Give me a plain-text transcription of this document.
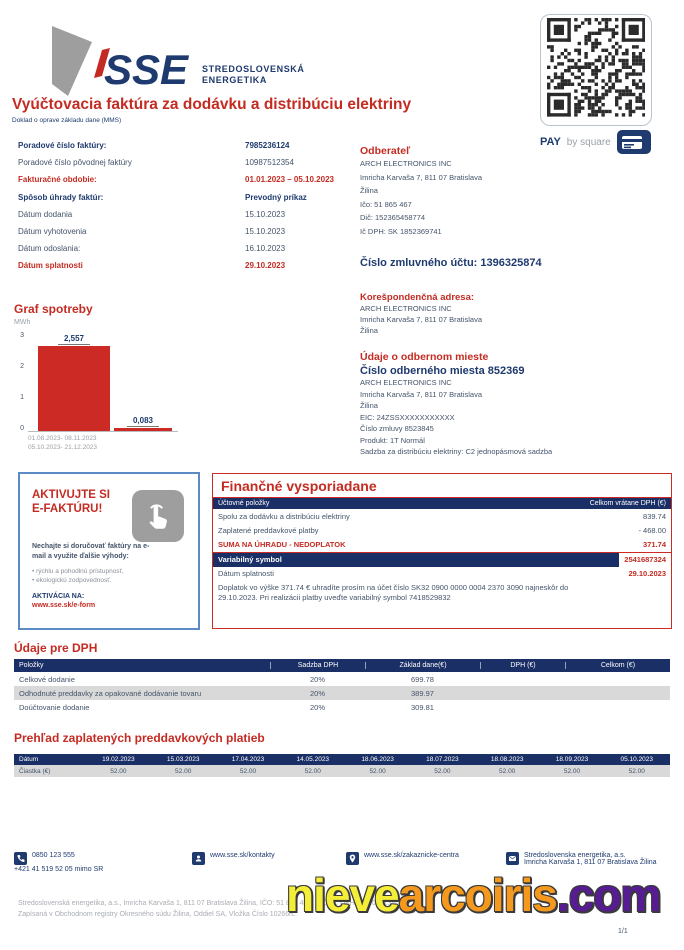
SSE STREDOSLOVENSKÁ
ENERGETIKA
PAY by square
Vyúčtovacia faktúra za dodávku a distribúciu elektriny
Doklad o oprave základu dane (MMS)
Poradové číslo faktúry:	7985236124
Poradové číslo pôvodnej faktúry	10987512354
Fakturačné obdobie:	01.01.2023 – 05.10.2023
Spôsob úhrady faktúr:	Prevodný príkaz
Dátum dodania	15.10.2023
Dátum vyhotovenia	15.10.2023
Dátum odoslania:	16.10.2023
Dátum splatnosti	29.10.2023
Odberateľ
ARCH ELECTRONICS INC
Imricha Karvaša 7, 811 07 Bratislava
Žilina
Ičo: 51 865 467
Dič: 152365458774
Ič DPH: SK 1852369741
Číslo zmluvného účtu: 1396325874
Korešpondenčná adresa:
ARCH ELECTRONICS INC
Imricha Karvaša 7, 811 07 Bratislava
Žilina
Údaje o odbernom mieste
Číslo odberného miesta 852369
ARCH ELECTRONICS INC
Imricha Karvaša 7, 811 07 Bratislava
Žilina
EIC: 24ZSSXXXXXXXXXXX
Číslo zmluvy 8523845
Produkt: 1T Normál
Sadzba za distribúciu elektriny: C2 jednopásmová sadzba
Graf spotreby
MWh
3
2
1
0
2,557
0,083
01.08.2023- 08.11.2023
05.10.2023- 21.12.2023
AKTIVUJTE SI
E-FAKTÚRU!
Nechajte si doručovať faktúry na e-mail a využite ďalšie výhody:
• rýchlu a pohodlnú prístupnosť,
• ekologickú zodpovednosť.
AKTIVÁCIA NA:
www.sse.sk/e-form
Finančné vysporiadane
Účtovné položky	Celkom vrátane DPH (€)
Spolu za dodávku a distribúciu elektriny	839.74
Zaplatené preddavkové platby	- 468.00
SUMA NA ÚHRADU - NEDOPLATOK	371.74
Variabilný symbol	2541687324
Dátum splatnosti	29.10.2023
Doplatok vo výške 371.74 € uhradíte prosím na účet číslo SK32 0900 0000 0004 2370 3090 najneskôr do
29.10.2023. Pri realizácii platby uveďte variabilný symbol 7418529832
Údaje pre DPH
Položky	Sadzba DPH	Základ dane(€)	DPH (€)	Celkom (€)
Celkové dodanie	20%	699.78
Odhodnuté preddavky za opakované dodávanie tovaru	20%	389.97
Doúčtovanie dodanie	20%	309.81
Prehľad zaplatených preddavkových platieb
Dátum	19.02.2023	15.03.2023	17.04.2023	14.05.2023	18.06.2023	18.07.2023	18.08.2023	18.09.2023	05.10.2023
Čiastka (€)	52.00	52.00	52.00	52.00	52.00	52.00	52.00	52.00	52.00
0850 123 555
+421 41 519 52 05 mimo SR
www.sse.sk/kontakty	www.sse.sk/zakaznicke-centra	Stredoslovenska energetika, a.s.
Imricha Karvaša 1, 811 07 Bratislava Žilina
Stredoslovenská energetika, a.s., Imricha Karvaša 1, 811 07 Bratislava Žilina, IČO: 51 865 467, DIČ: IČ DPH: SK2022134075
Zapísaná v Obchodnom registry Okresného súdu Žilina, Oddiel SA, Vložka Číslo 10266/L.
1/1
nievearcoiris.com
